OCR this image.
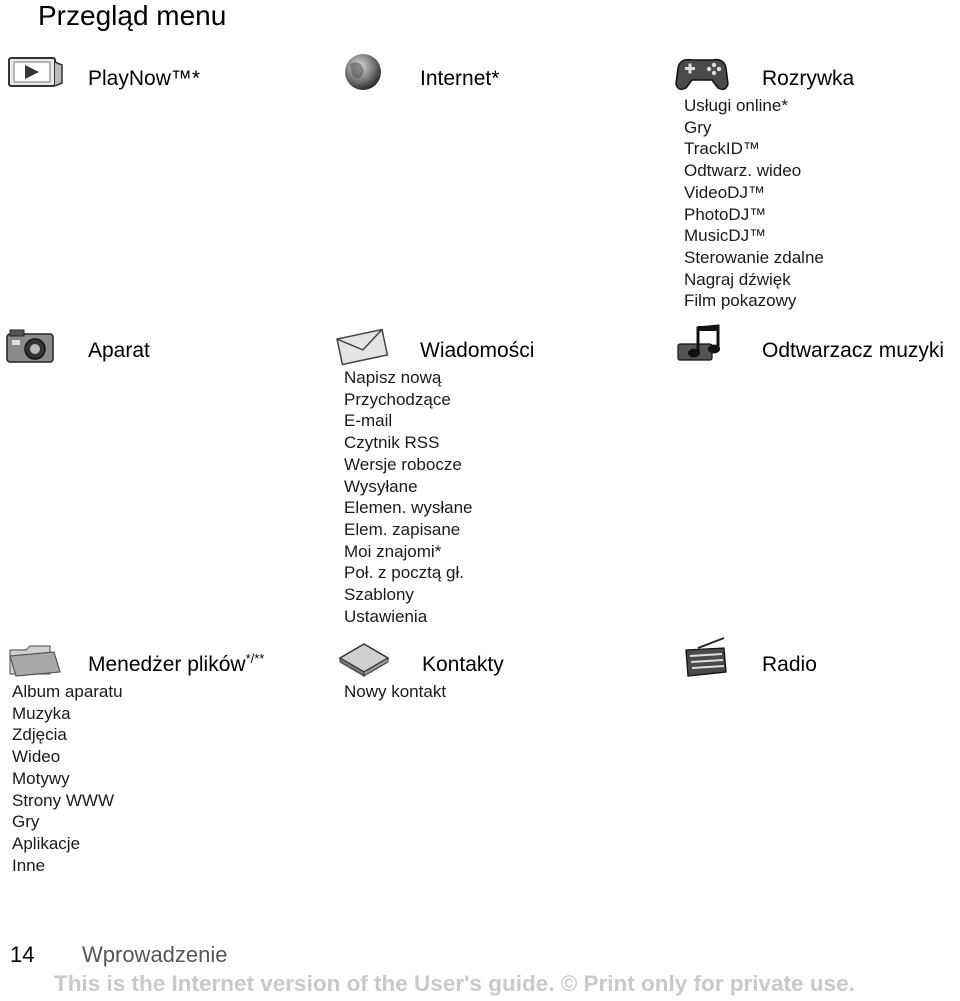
Przegląd menu
PlayNow™*	Internet*	Rozrywka
Usługi online*
Gry
TrackID™
Odtwarz. wideo
VideoDJ™
PhotoDJ™
MusicDJ™
Sterowanie zdalne
Nagraj dźwięk
Film pokazowy
Aparat	Wiadomości
Napisz nową
Przychodzące
E-mail
Czytnik RSS
Wersje robocze
Wysyłane
Elemen. wysłane
Elem. zapisane
Moi znajomi*
Poł. z pocztą gł.
Szablony
Ustawienia
Odtwarzacz muzyki
Menedżer plików*/**
Album aparatu
Muzyka
Zdjęcia
Wideo
Motywy
Strony WWW
Gry
Aplikacje
Inne
Kontakty
Nowy kontakt
Radio
14 Wprowadzenie
This is the Internet version of the User's guide. © Print only for private use.
